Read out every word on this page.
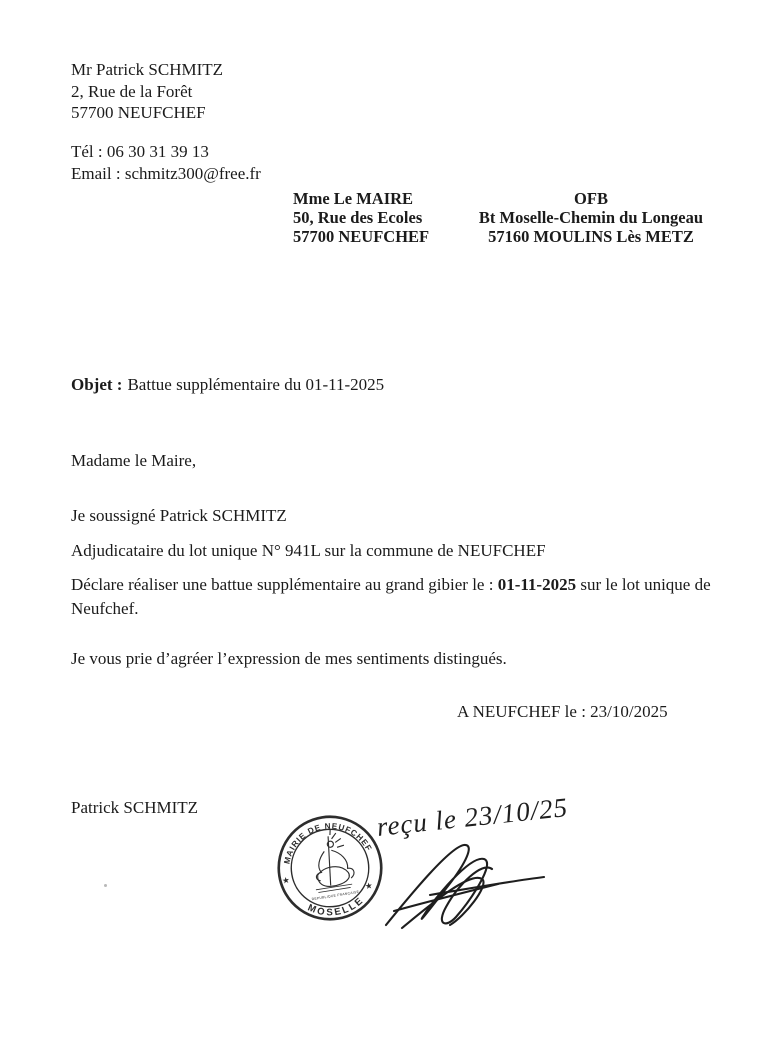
Mr Patrick SCHMITZ
2, Rue de la Forêt
57700 NEUFCHEF
Tél : 06 30 31 39 13
Email : schmitz300@free.fr
Mme Le MAIRE
50, Rue des Ecoles
57700 NEUFCHEF
OFB
Bt Moselle-Chemin du Longeau
57160 MOULINS Lès METZ
Objet : Battue supplémentaire du 01-11-2025
Madame le Maire,
Je soussigné Patrick SCHMITZ
Adjudicataire du lot unique N° 941L sur la commune de NEUFCHEF
Déclare réaliser une battue supplémentaire au grand gibier le : 01-11-2025 sur le lot unique de
Neufchef.
Je vous prie d’agréer l’expression de mes sentiments distingués.
A NEUFCHEF le : 23/10/2025
Patrick SCHMITZ
MAIRIE DE NEUFCHEF
MOSELLE
★	★
REPUBLIQUE FRANÇAISE
reçu le 23/10/25
